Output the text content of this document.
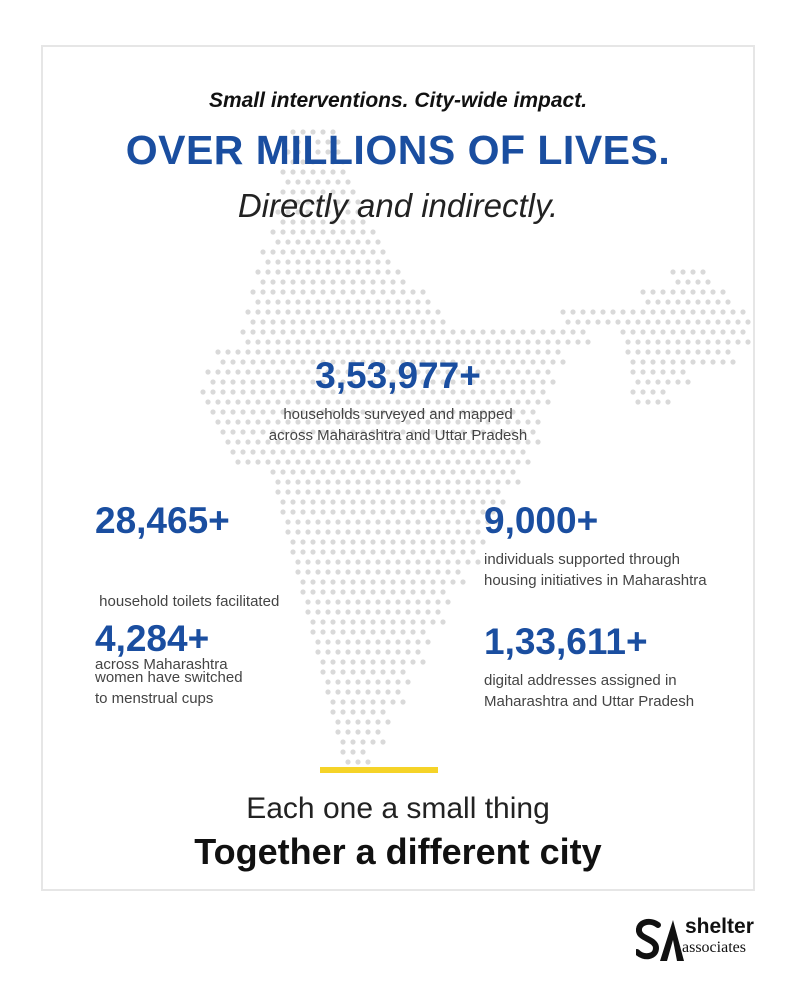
Small interventions. City-wide impact.
OVER MILLIONS OF LIVES.
Directly and indirectly.
3,53,977+
households surveyed and mapped
across Maharashtra and Uttar Pradesh
28,465+

household toilets facilitated

across Maharashtra

9,000+
individuals supported through
housing initiatives in Maharashtra
4,284+
women have switched
to menstrual cups
1,33,611+
digital addresses assigned in
Maharashtra and Uttar Pradesh
Each one a small thing
Together a different city
shelter
associates
